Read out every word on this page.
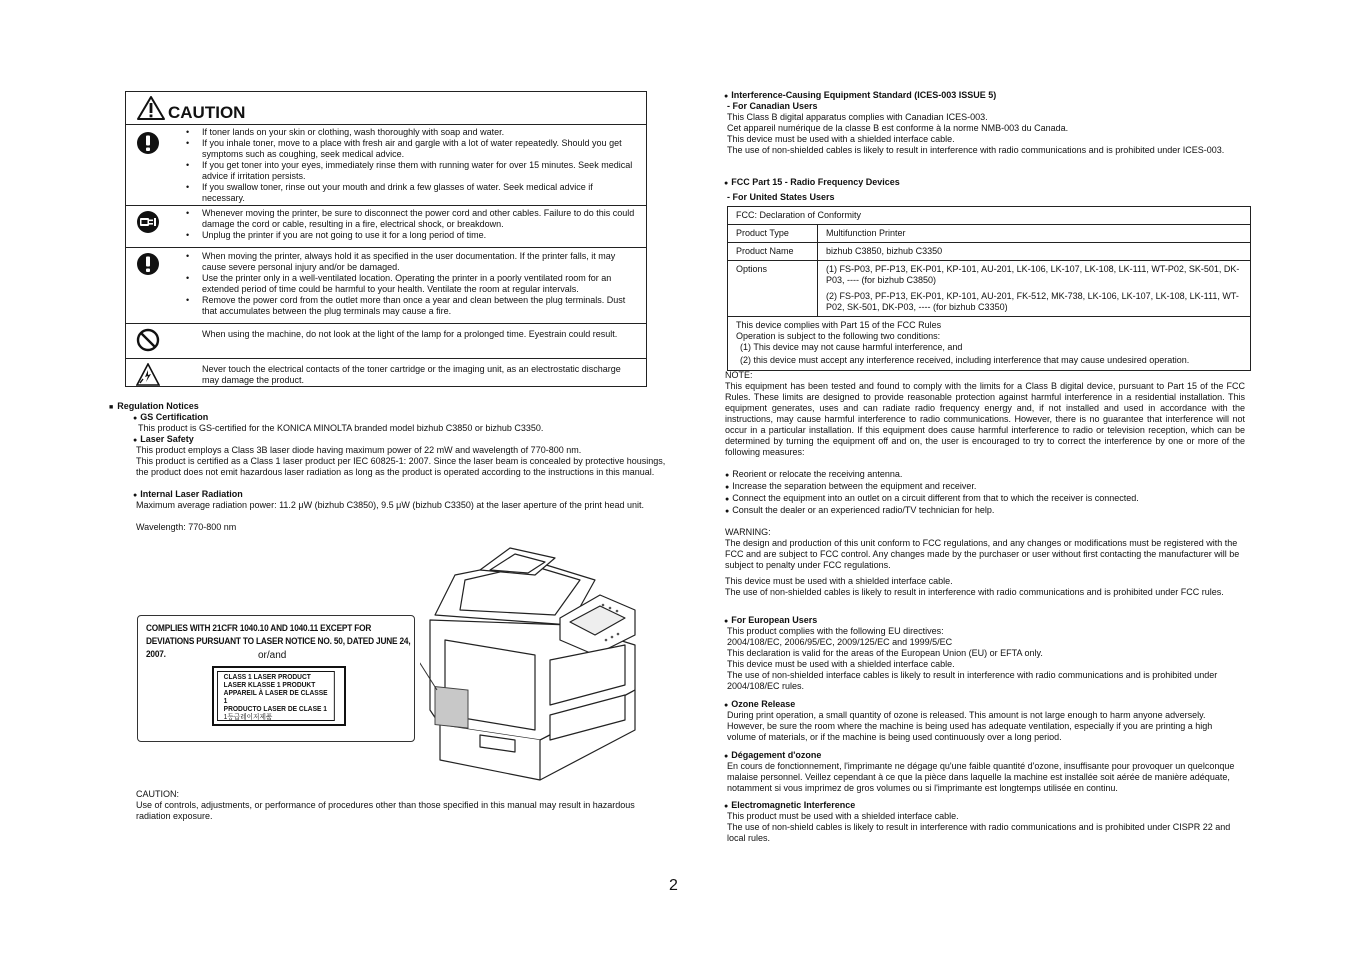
CAUTION
• If toner lands on your skin or clothing, wash thoroughly with soap and water.
• If you inhale toner, move to a place with fresh air and gargle with a lot of water repeatedly. Should you get symptoms such as coughing, seek medical advice.
• If you get toner into your eyes, immediately rinse them with running water for over 15 minutes. Seek medical advice if irritation persists.
• If you swallow toner, rinse out your mouth and drink a few glasses of water. Seek medical advice if necessary.
• Whenever moving the printer, be sure to disconnect the power cord and other cables. Failure to do this could damage the cord or cable, resulting in a fire, electrical shock, or breakdown.
• Unplug the printer if you are not going to use it for a long period of time.
• When moving the printer, always hold it as specified in the user documentation. If the printer falls, it may cause severe personal injury and/or be damaged.
• Use the printer only in a well-ventilated location. Operating the printer in a poorly ventilated room for an extended period of time could be harmful to your health. Ventilate the room at regular intervals.
• Remove the power cord from the outlet more than once a year and clean between the plug terminals. Dust that accumulates between the plug terminals may cause a fire.

When using the machine, do not look at the light of the lamp for a prolonged time. Eyestrain could result.

Never touch the electrical contacts of the toner cartridge or the imaging unit, as an electrostatic discharge may damage the product.

■ Regulation Notices
● GS Certification

This product is GS-certified for the KONICA MINOLTA branded model bizhub C3850 or bizhub C3350.

● Laser Safety

This product employs a Class 3B laser diode having maximum power of 22 mW and wavelength of 770-800 nm.

This product is certified as a Class 1 laser product per IEC 60825-1: 2007. Since the laser beam is concealed by protective housings, the product does not emit hazardous laser radiation as long as the product is operated according to the instructions in this manual.

● Internal Laser Radiation

Maximum average radiation power: 11.2 μW (bizhub C3850), 9.5 μW (bizhub C3350) at the laser aperture of the print head unit.

Wavelength: 770-800 nm

COMPLIES WITH 21CFR 1040.10 AND 1040.11 EXCEPT FOR
DEVIATIONS PURSUANT TO LASER NOTICE NO. 50, DATED JUNE 24, 2007.	or/and
CLASS 1 LASER PRODUCT
LASER KLASSE 1 PRODUKT
APPAREIL À LASER DE CLASSE 1
PRODUCTO LASER DE CLASE 1
1등급레이저제품
CAUTION:

Use of controls, adjustments, or performance of procedures other than those specified in this manual may result in hazardous radiation exposure.

● Interference-Causing Equipment Standard (ICES-003 ISSUE 5)
- For Canadian Users

This Class B digital apparatus complies with Canadian ICES-003.

Cet appareil numérique de la classe B est conforme à la norme NMB-003 du Canada.

This device must be used with a shielded interface cable.

The use of non-shielded cables is likely to result in interference with radio communications and is prohibited under ICES-003.

● FCC Part 15 - Radio Frequency Devices
- For United States Users
FCC: Declaration of Conformity	
Product Type	Multifunction Printer
Product Name	bizhub C3850, bizhub C3350
Options	(1) FS-P03, PF-P13, EK-P01, KP-101, AU-201, LK-106, LK-107, LK-108, LK-111, WT-P02, SK-501, DK-P03, ---- (for bizhub C3850)

(2) FS-P03, PF-P13, EK-P01, KP-101, AU-201, FK-512, MK-738, LK-106, LK-107, LK-108, LK-111, WT-P02, SK-501, DK-P03, ---- (for bizhub C3350)

This device complies with Part 15 of the FCC Rules

Operation is subject to the following two conditions:

(1) This device may not cause harmful interference, and

(2) this device must accept any interference received, including interference that may cause undesired operation.	

NOTE:

This equipment has been tested and found to comply with the limits for a Class B digital device, pursuant to Part 15 of the FCC Rules. These limits are designed to provide reasonable protection against harmful interference in a residential installation. This equipment generates, uses and can radiate radio frequency energy and, if not installed and used in accordance with the instructions, may cause harmful interference to radio communications. However, there is no guarantee that interference will not occur in a particular installation. If this equipment does cause harmful interference to radio or television reception, which can be determined by turning the equipment off and on, the user is encouraged to try to correct the interference by one or more of the following measures:

● Reorient or relocate the receiving antenna.

● Increase the separation between the equipment and receiver.

● Connect the equipment into an outlet on a circuit different from that to which the receiver is connected.

● Consult the dealer or an experienced radio/TV technician for help.

WARNING:

The design and production of this unit conform to FCC regulations, and any changes or modifications must be registered with the FCC and are subject to FCC control. Any changes made by the purchaser or user without first contacting the manufacturer will be subject to penalty under FCC regulations.

This device must be used with a shielded interface cable.

The use of non-shielded cables is likely to result in interference with radio communications and is prohibited under FCC rules.

● For European Users

This product complies with the following EU directives:

2004/108/EC, 2006/95/EC, 2009/125/EC and 1999/5/EC

This declaration is valid for the areas of the European Union (EU) or EFTA only.

This device must be used with a shielded interface cable.

The use of non-shielded interface cables is likely to result in interference with radio communications and is prohibited under 2004/108/EC rules.

● Ozone Release

During print operation, a small quantity of ozone is released. This amount is not large enough to harm anyone adversely. However, be sure the room where the machine is being used has adequate ventilation, especially if you are printing a high volume of materials, or if the machine is being used continuously over a long period.

● Dégagement d'ozone

En cours de fonctionnement, l'imprimante ne dégage qu'une faible quantité d'ozone, insuffisante pour provoquer un quelconque malaise personnel. Veillez cependant à ce que la pièce dans laquelle la machine est installée soit aérée de manière adéquate, notamment si vous imprimez de gros volumes ou si l'imprimante est longtemps utilisée en continu.

● Electromagnetic Interference

This product must be used with a shielded interface cable.

The use of non-shield cables is likely to result in interference with radio communications and is prohibited under CISPR 22 and local rules.

2
